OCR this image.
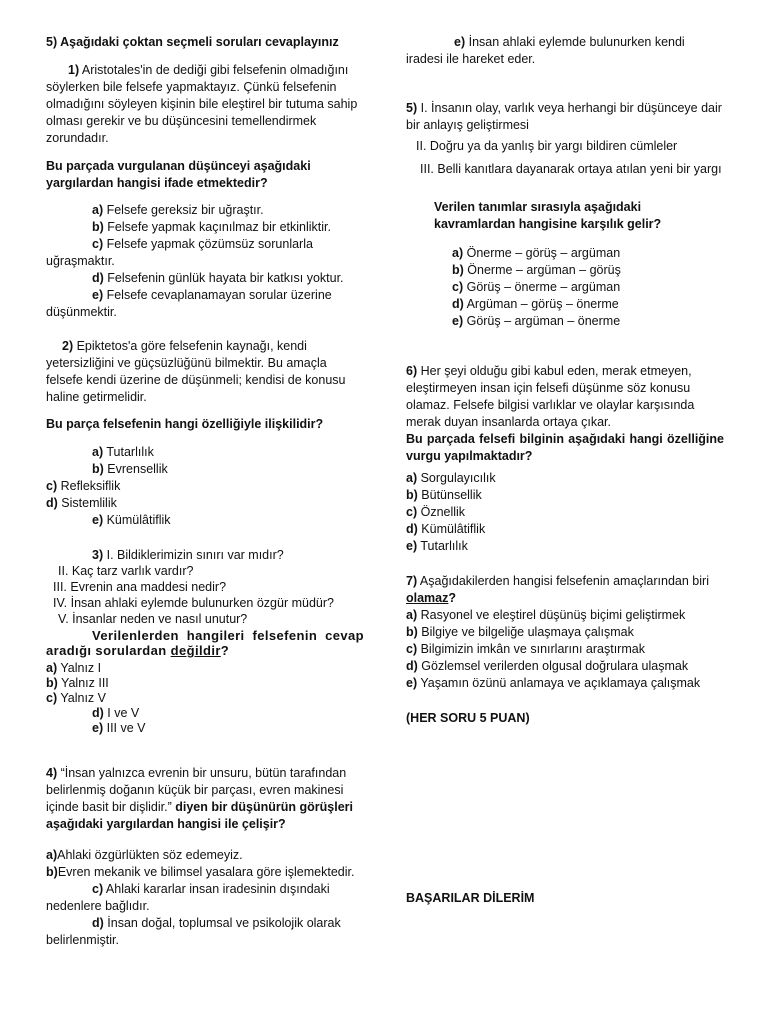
5) Aşağıdaki çoktan seçmeli soruları cevaplayınız
1) Aristotales'in de dediği gibi felsefenin olmadığını söylerken bile felsefe yapmaktayız. Çünkü felsefenin olmadığını söyleyen kişinin bile eleştirel bir tutuma sahip olması gerekir ve bu düşüncesini temellendirmek zorundadır.
Bu parçada vurgulanan düşünceyi aşağıdaki yargılardan hangisi ifade etmektedir?
a) Felsefe gereksiz bir uğraştır.
b) Felsefe yapmak kaçınılmaz bir etkinliktir.
c) Felsefe yapmak çözümsüz sorunlarla uğraşmaktır.
d) Felsefenin günlük hayata bir katkısı yoktur.
e) Felsefe cevaplanamayan sorular üzerine düşünmektir.
2) Epiktetos'a göre felsefenin kaynağı, kendi yetersizliğini ve güçsüzlüğünü bilmektir. Bu amaçla felsefe kendi üzerine de düşünmeli; kendisi de konusu haline getirmelidir.
Bu parça felsefenin hangi özelliğiyle ilişkilidir?
a) Tutarlılık
b) Evrensellik
c) Refleksiflik
d) Sistemlilik
e) Kümülâtiflik
3) I. Bildiklerimizin sınırı var mıdır?
II. Kaç tarz varlık vardır?
III. Evrenin ana maddesi nedir?
IV. İnsan ahlaki eylemde bulunurken özgür müdür?
V. İnsanlar neden ve nasıl unutur?
Verilenlerden hangileri felsefenin cevap aradığı sorulardan değildir?
a) Yalnız I
b) Yalnız III
c) Yalnız V
d) I ve V
e) III ve V
4) “İnsan yalnızca evrenin bir unsuru, bütün tarafından belirlenmiş doğanın küçük bir parçası, evren makinesi içinde basit bir dişlidir.” diyen bir düşünürün görüşleri aşağıdaki yargılardan hangisi ile çelişir?
a)Ahlaki özgürlükten söz edemeyiz.
b)Evren mekanik ve bilimsel yasalara göre işlemektedir.
c) Ahlaki kararlar insan iradesinin dışındaki nedenlere bağlıdır.
d) İnsan doğal, toplumsal ve psikolojik olarak belirlenmiştir.
e) İnsan ahlaki eylemde bulunurken kendi iradesi ile hareket eder.
5) I. İnsanın olay, varlık veya herhangi bir düşünceye dair bir anlayış geliştirmesi
II. Doğru ya da yanlış bir yargı bildiren cümleler
III. Belli kanıtlara dayanarak ortaya atılan yeni bir yargı
Verilen tanımlar sırasıyla aşağıdaki kavramlardan hangisine karşılık gelir?
a) Önerme – görüş – argüman
b) Önerme – argüman – görüş
c) Görüş – önerme – argüman
d) Argüman – görüş – önerme
e) Görüş – argüman – önerme
6) Her şeyi olduğu gibi kabul eden, merak etmeyen, eleştirmeyen insan için felsefi düşünme söz konusu olamaz. Felsefe bilgisi varlıklar ve olaylar karşısında merak duyan insanlarda ortaya çıkar.
Bu parçada felsefi bilginin aşağıdaki hangi özelliğine vurgu yapılmaktadır?
a) Sorgulayıcılık
b) Bütünsellik
c) Öznellik
d) Kümülâtiflik
e) Tutarlılık
7) Aşağıdakilerden hangisi felsefenin amaçlarından biri olamaz?
a) Rasyonel ve eleştirel düşünüş biçimi geliştirmek
b) Bilgiye ve bilgeliğe ulaşmaya çalışmak
c) Bilgimizin imkân ve sınırlarını araştırmak
d) Gözlemsel verilerden olgusal doğrulara ulaşmak
e) Yaşamın özünü anlamaya ve açıklamaya çalışmak
(HER SORU 5 PUAN)
BAŞARILAR DİLERİM
